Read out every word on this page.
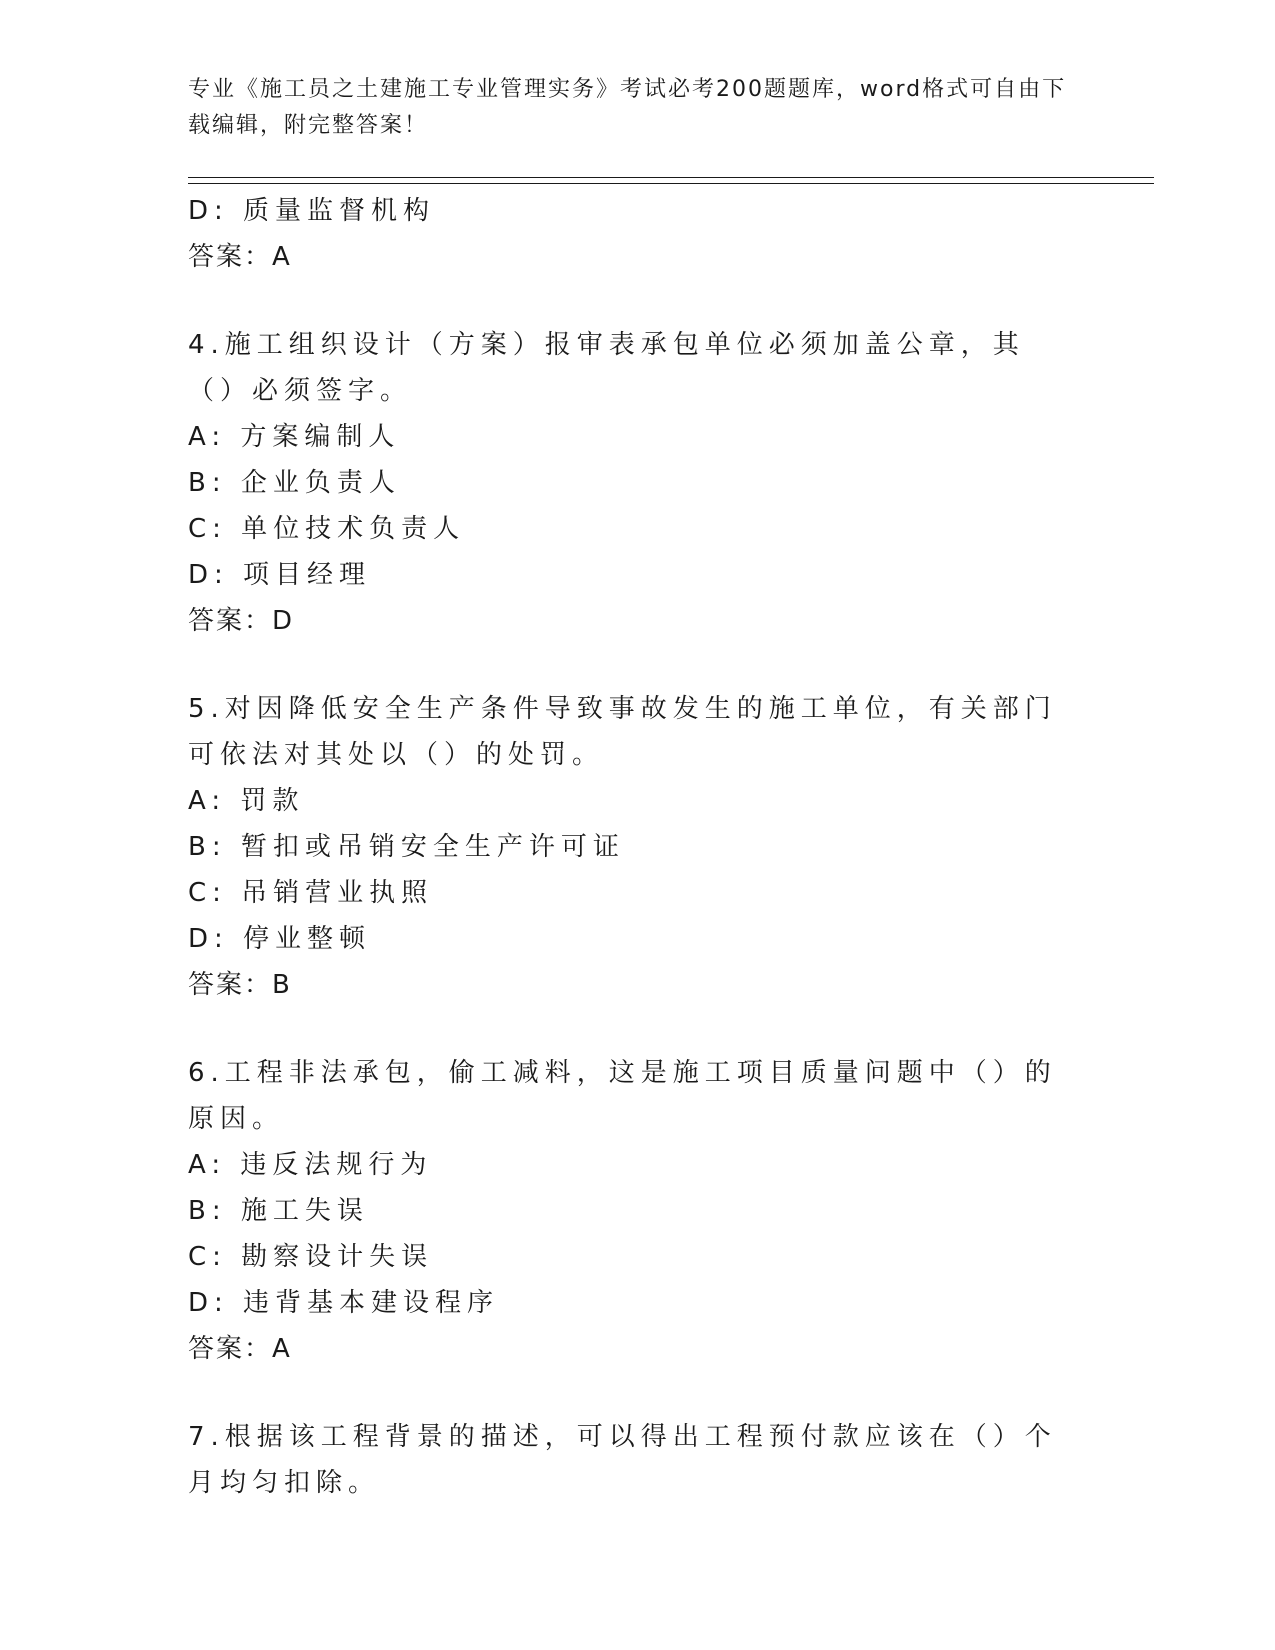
专业《施工员之土建施工专业管理实务》考试必考200题题库，word格式可自由下载编辑，附完整答案！
D: 质量监督机构
答案：A
4.施工组织设计（方案）报审表承包单位必须加盖公章，其（）必须签字。
A: 方案编制人
B: 企业负责人
C: 单位技术负责人
D: 项目经理
答案：D
5.对因降低安全生产条件导致事故发生的施工单位，有关部门可依法对其处以（）的处罚。
A: 罚款
B: 暂扣或吊销安全生产许可证
C: 吊销营业执照
D: 停业整顿
答案：B
6.工程非法承包，偷工减料，这是施工项目质量问题中（）的原因。
A: 违反法规行为
B: 施工失误
C: 勘察设计失误
D: 违背基本建设程序
答案：A
7.根据该工程背景的描述，可以得出工程预付款应该在（）个月均匀扣除。
